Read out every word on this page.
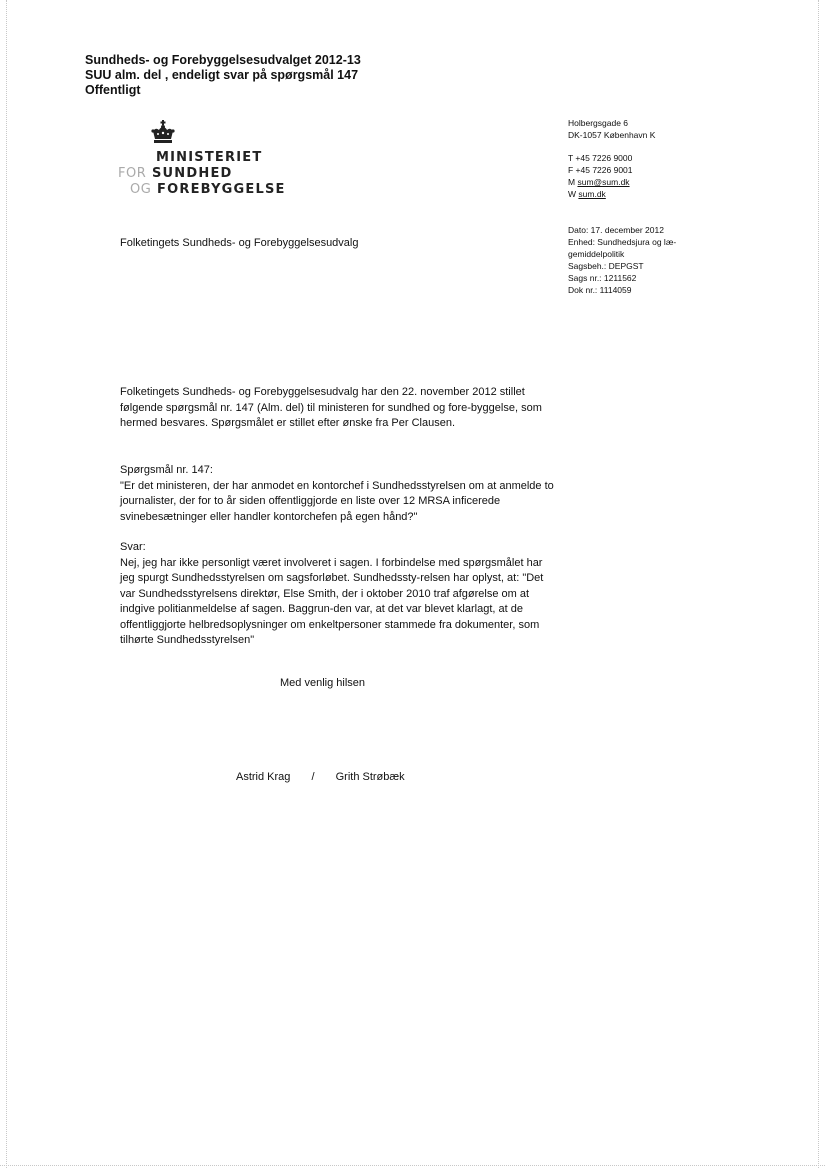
Sundheds- og Forebyggelsesudvalget 2012-13
SUU alm. del , endeligt svar på spørgsmål 147
Offentligt
MINISTERIET
FOR SUNDHED
OG FOREBYGGELSE
Holbergsgade 6
DK-1057 København K
T +45 7226 9000
F +45 7226 9001
M sum@sum.dk
W sum.dk
Dato: 17. december 2012
Enhed: Sundhedsjura og læ-gemiddelpolitik
Sagsbeh.: DEPGST
Sags nr.: 1211562
Dok nr.: 1114059
Folketingets Sundheds- og Forebyggelsesudvalg
Folketingets Sundheds- og Forebyggelsesudvalg har den 22. november 2012 stillet følgende spørgsmål nr. 147 (Alm. del) til ministeren for sundhed og fore-byggelse, som hermed besvares. Spørgsmålet er stillet efter ønske fra Per Clausen.
Spørgsmål nr. 147:
"Er det ministeren, der har anmodet en kontorchef i Sundhedsstyrelsen om at anmelde to journalister, der for to år siden offentliggjorde en liste over 12 MRSA inficerede svinebesætninger eller handler kontorchefen på egen hånd?"
Svar:
Nej, jeg har ikke personligt været involveret i sagen. I forbindelse med spørgsmålet har jeg spurgt Sundhedsstyrelsen om sagsforløbet. Sundhedssty-relsen har oplyst, at: "Det var Sundhedsstyrelsens direktør, Else Smith, der i oktober 2010 traf afgørelse om at indgive politianmeldelse af sagen. Baggrun-den var, at det var blevet klarlagt, at de offentliggjorte helbredsoplysninger om enkeltpersoner stammede fra dokumenter, som tilhørte Sundhedsstyrelsen"
Med venlig hilsen
Astrid Krag / Grith Strøbæk
